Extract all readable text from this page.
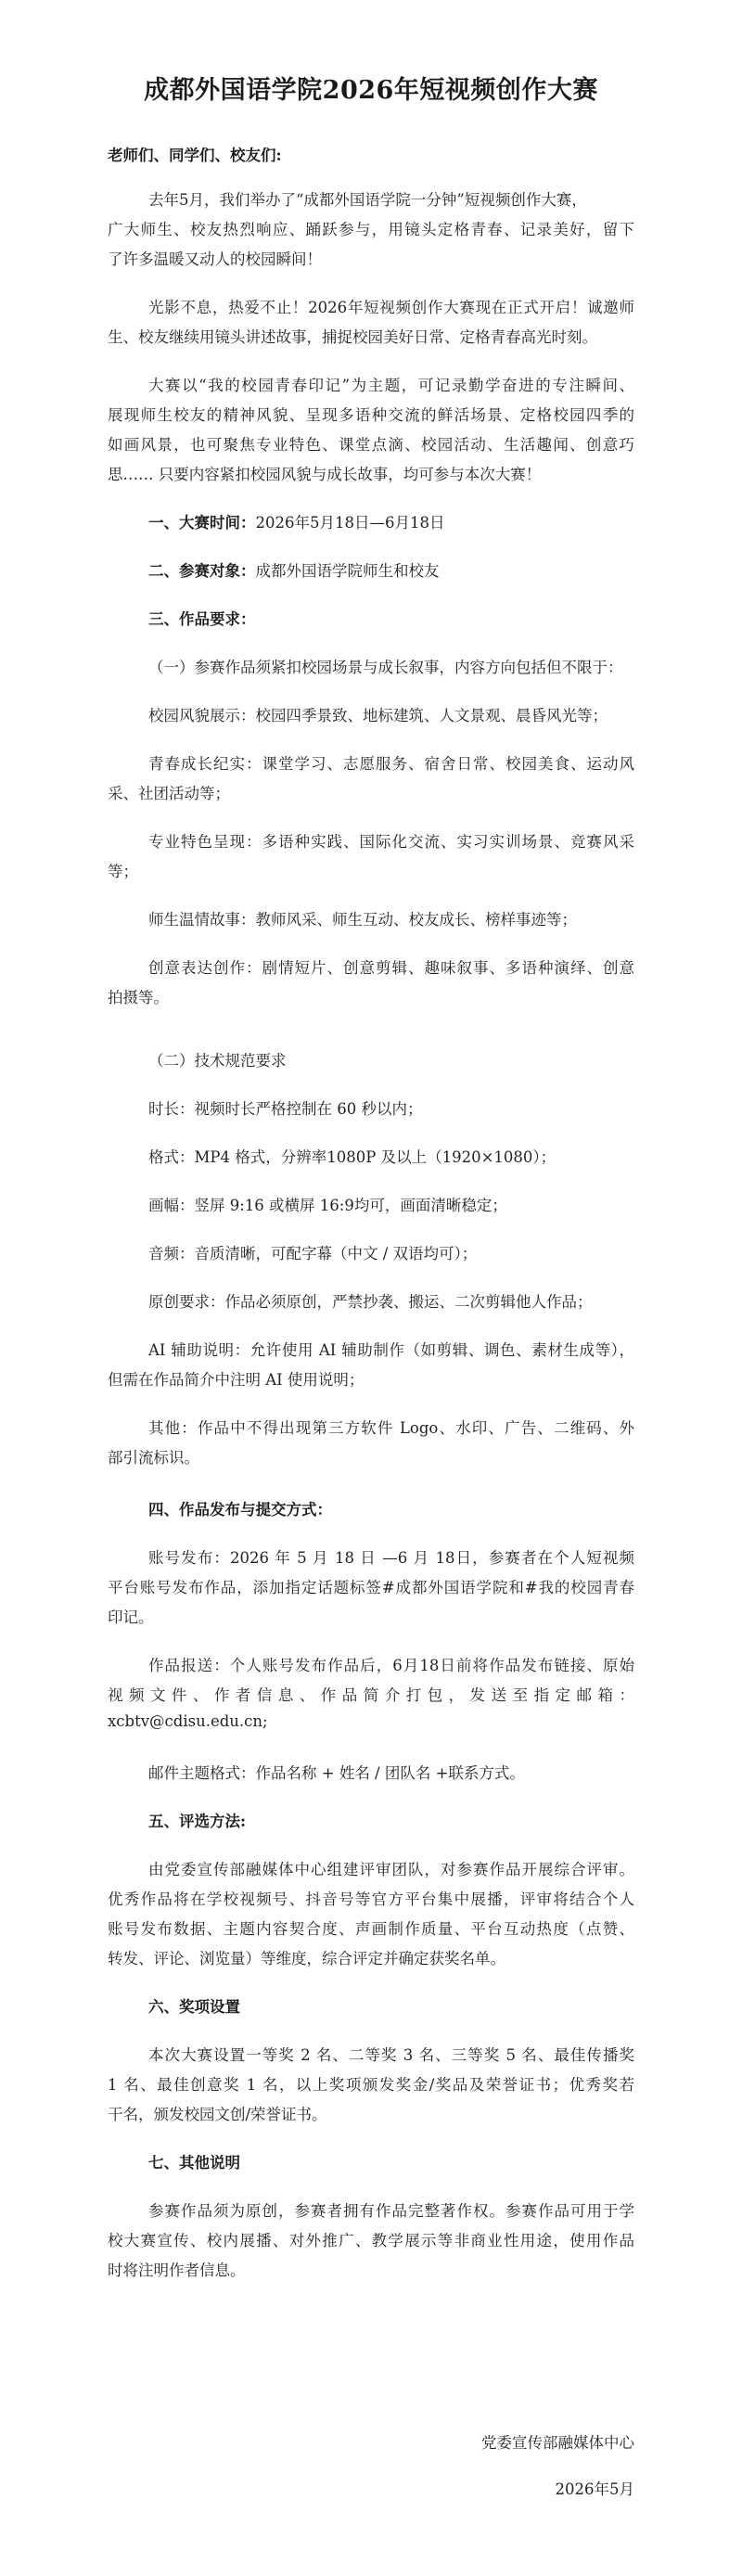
成都外国语学院2026年短视频创作大赛

老师们、同学们、校友们:

去年5月，我们举办了“成都外国语学院一分钟”短视频创作大赛，

广大师生、校友热烈响应、踊跃参与，用镜头定格青春、记录美好，留下

了许多温暖又动人的校园瞬间！

光影不息，热爱不止！2026年短视频创作大赛现在正式开启！诚邀师

生、校友继续用镜头讲述故事，捕捉校园美好日常、定格青春高光时刻。

大赛以“我的校园青春印记”为主题，可记录勤学奋进的专注瞬间、

展现师生校友的精神风貌、呈现多语种交流的鲜活场景、定格校园四季的

如画风景，也可聚焦专业特色、课堂点滴、校园活动、生活趣闻、创意巧

思…… 只要内容紧扣校园风貌与成长故事，均可参与本次大赛！

一、大赛时间：2026年5月18日—6月18日

二、参赛对象：成都外国语学院师生和校友

三、作品要求：

（一）参赛作品须紧扣校园场景与成长叙事，内容方向包括但不限于：

校园风貌展示：校园四季景致、地标建筑、人文景观、晨昏风光等；

青春成长纪实：课堂学习、志愿服务、宿舍日常、校园美食、运动风

采、社团活动等；

专业特色呈现：多语种实践、国际化交流、实习实训场景、竞赛风采

等；

师生温情故事：教师风采、师生互动、校友成长、榜样事迹等；

创意表达创作：剧情短片、创意剪辑、趣味叙事、多语种演绎、创意

拍摄等。

（二）技术规范要求

时长：视频时长严格控制在 60 秒以内；

格式：MP4 格式，分辨率1080P 及以上（1920×1080）；

画幅：竖屏 9:16 或横屏 16:9均可，画面清晰稳定；

音频：音质清晰，可配字幕（中文 / 双语均可）；

原创要求：作品必须原创，严禁抄袭、搬运、二次剪辑他人作品；

AI 辅助说明：允许使用 AI 辅助制作（如剪辑、调色、素材生成等），

但需在作品简介中注明 AI 使用说明；

其他：作品中不得出现第三方软件 Logo、水印、广告、二维码、外

部引流标识。

四、作品发布与提交方式：

账号发布：2026 年 5 月 18 日 —6 月 18日，参赛者在个人短视频

平台账号发布作品，添加指定话题标签#成都外国语学院和#我的校园青春

印记。

作品报送：个人账号发布作品后，6月18日前将作品发布链接、原始

视频文件、作者信息、作品简介打包，发送至指定邮箱：

xcbtv@cdisu.edu.cn;

邮件主题格式：作品名称 + 姓名 / 团队名 +联系方式。

五、评选方法:

由党委宣传部融媒体中心组建评审团队，对参赛作品开展综合评审。

优秀作品将在学校视频号、抖音号等官方平台集中展播，评审将结合个人

账号发布数据、主题内容契合度、声画制作质量、平台互动热度（点赞、

转发、评论、浏览量）等维度，综合评定并确定获奖名单。

六、奖项设置

本次大赛设置一等奖 2 名、二等奖 3 名、三等奖 5 名、最佳传播奖

1 名、最佳创意奖 1 名，以上奖项颁发奖金/奖品及荣誉证书；优秀奖若

干名，颁发校园文创/荣誉证书。

七、其他说明

参赛作品须为原创，参赛者拥有作品完整著作权。参赛作品可用于学

校大赛宣传、校内展播、对外推广、教学展示等非商业性用途，使用作品

时将注明作者信息。

党委宣传部融媒体中心

2026年5月
